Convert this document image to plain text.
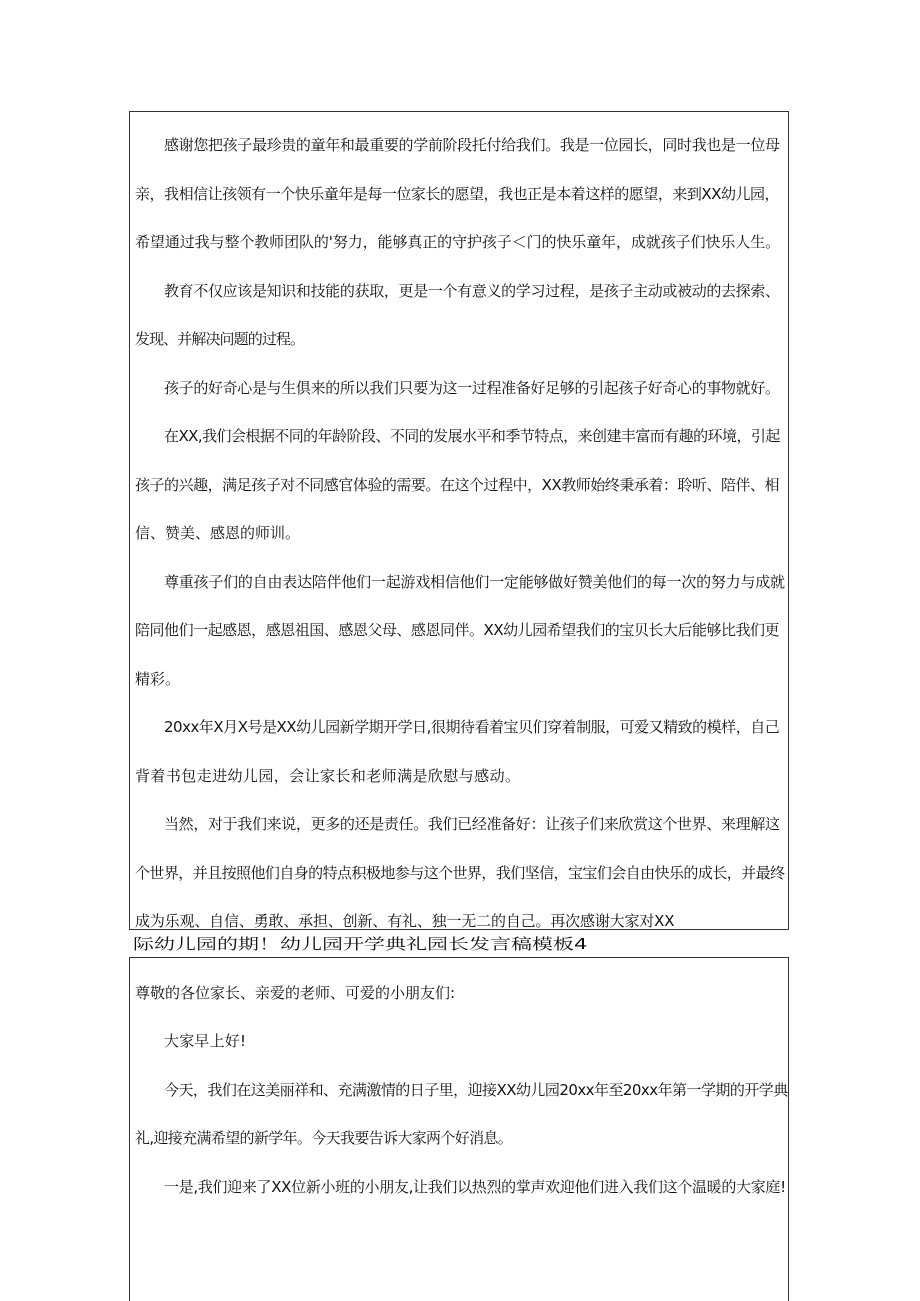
感谢您把孩子最珍贵的童年和最重要的学前阶段托付给我们。我是一位园长，同时我也是一位母
亲，我相信让孩领有一个快乐童年是每一位家长的愿望，我也正是本着这样的愿望，来到XX幼儿园，
希望通过我与整个教师团队的'努力，能够真正的守护孩子＜门的快乐童年，成就孩子们快乐人生。
教育不仅应该是知识和技能的获取，更是一个有意义的学习过程，是孩子主动或被动的去探索、
发现、并解决问题的过程。
孩子的好奇心是与生俱来的所以我们只要为这一过程准备好足够的引起孩子好奇心的事物就好。
在XX,我们会根据不同的年龄阶段、不同的发展水平和季节特点，来创建丰富而有趣的环境，引起
孩子的兴趣，满足孩子对不同感官体验的需要。在这个过程中，XX教师始终秉承着：聆听、陪伴、相
信、赞美、感恩的师训。
尊重孩子们的自由表达陪伴他们一起游戏相信他们一定能够做好赞美他们的每一次的努力与成就
陪同他们一起感恩，感恩祖国、感恩父母、感恩同伴。XX幼儿园希望我们的宝贝长大后能够比我们更
精彩。
20xx年X月X号是XX幼儿园新学期开学日,很期待看着宝贝们穿着制服，可爱又精致的模样，自己
背着书包走进幼儿园，会让家长和老师满是欣慰与感动。
当然，对于我们来说，更多的还是责任。我们已经准备好：让孩子们来欣赏这个世界、来理解这
个世界，并且按照他们自身的特点积极地参与这个世界，我们坚信，宝宝们会自由快乐的成长，并最终
成为乐观、自信、勇敢、承担、创新、有礼、独一无二的自己。再次感谢大家对XX
际幼儿园的期！幼儿园开学典礼园长发言稿模板4
尊敬的各位家长、亲爱的老师、可爱的小朋友们:
大家早上好!
今天，我们在这美丽祥和、充满激情的日子里，迎接XX幼儿园20xx年至20xx年第一学期的开学典
礼,迎接充满希望的新学年。今天我要告诉大家两个好消息。
一是,我们迎来了XX位新小班的小朋友,让我们以热烈的掌声欢迎他们进入我们这个温暖的大家庭!
